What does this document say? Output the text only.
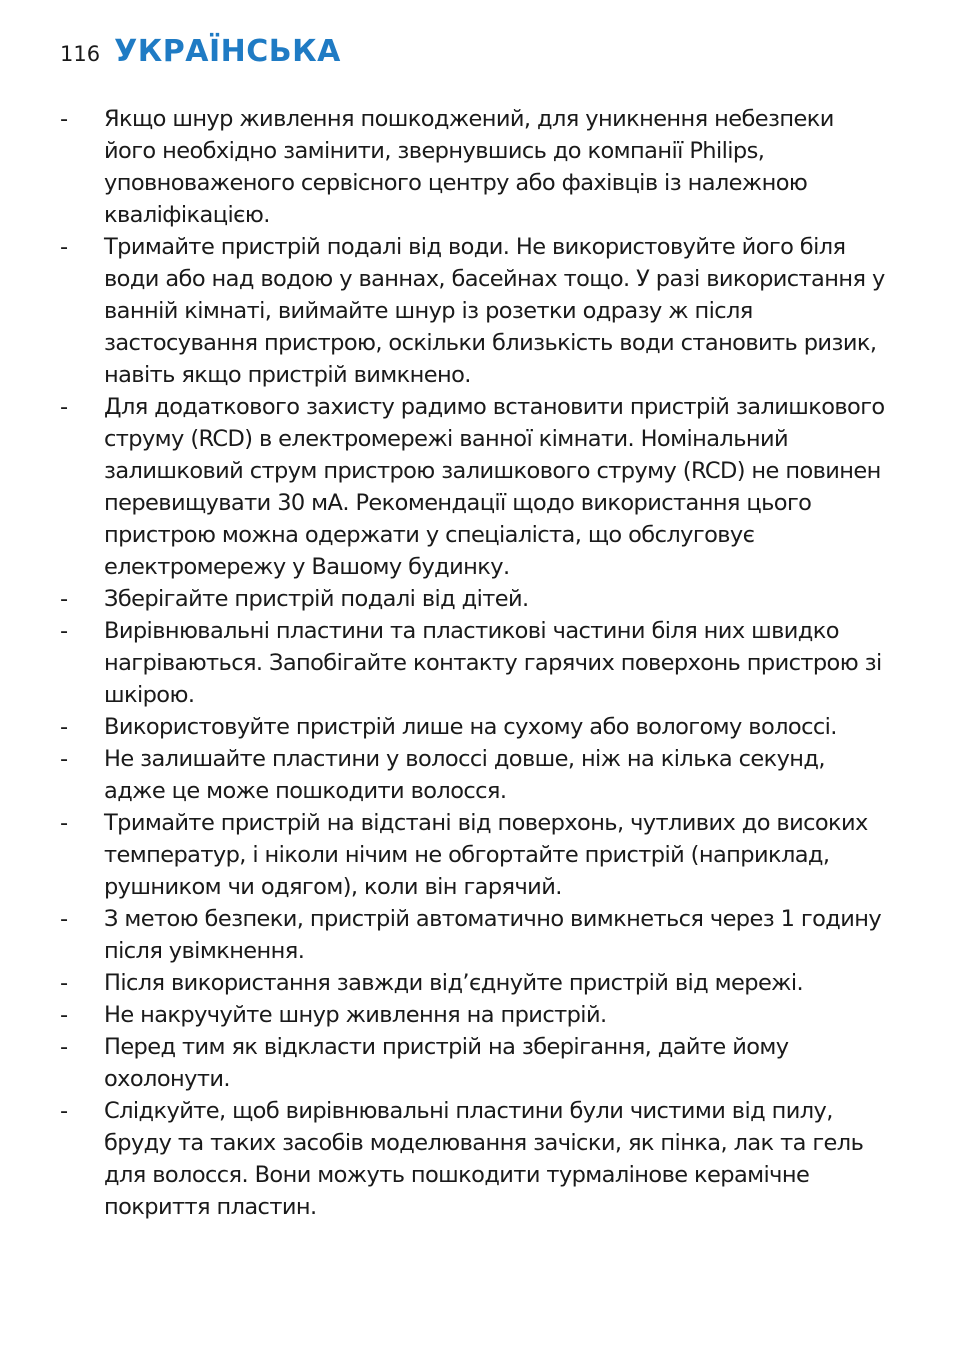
116 УКРАЇНСЬКА
-	Якщо шнур живлення пошкоджений, для уникнення небезпеки його необхідно замінити, звернувшись до компанії Philips, уповноваженого сервісного центру або фахівців із належною кваліфікацією.
-	Тримайте пристрій подалі від води. Не використовуйте його біля води або над водою у ваннах, басейнах тощо. У разі використання у ванній кімнаті, виймайте шнур із розетки одразу ж після застосування пристрою, оскільки близькість води становить ризик, навіть якщо пристрій вимкнено.
-	Для додаткового захисту радимо встановити пристрій залишкового струму (RCD) в електромережі ванної кімнати. Номінальний залишковий струм пристрою залишкового струму (RCD) не повинен перевищувати 30 мА. Рекомендації щодо використання цього пристрою можна одержати у спеціаліста, що обслуговує електромережу у Вашому будинку.
-	Зберігайте пристрій подалі від дітей.
-	Вирівнювальні пластини та пластикові частини біля них швидко нагріваються. Запобігайте контакту гарячих поверхонь пристрою зі шкірою.
-	Використовуйте пристрій лише на сухому або вологому волоссі.
-	Не залишайте пластини у волоссі довше, ніж на кілька секунд, адже це може пошкодити волосся.
-	Тримайте пристрій на відстані від поверхонь, чутливих до високих температур, і ніколи нічим не обгортайте пристрій (наприклад, рушником чи одягом), коли він гарячий.
-	З метою безпеки, пристрій автоматично вимкнеться через 1 годину після увімкнення.
-	Після використання завжди від’єднуйте пристрій від мережі.
-	Не накручуйте шнур живлення на пристрій.
-	Перед тим як відкласти пристрій на зберігання, дайте йому охолонути.
-	Слідкуйте, щоб вирівнювальні пластини були чистими від пилу, бруду та таких засобів моделювання зачіски, як пінка, лак та гель для волосся. Вони можуть пошкодити турмалінове керамічне покриття пластин.
